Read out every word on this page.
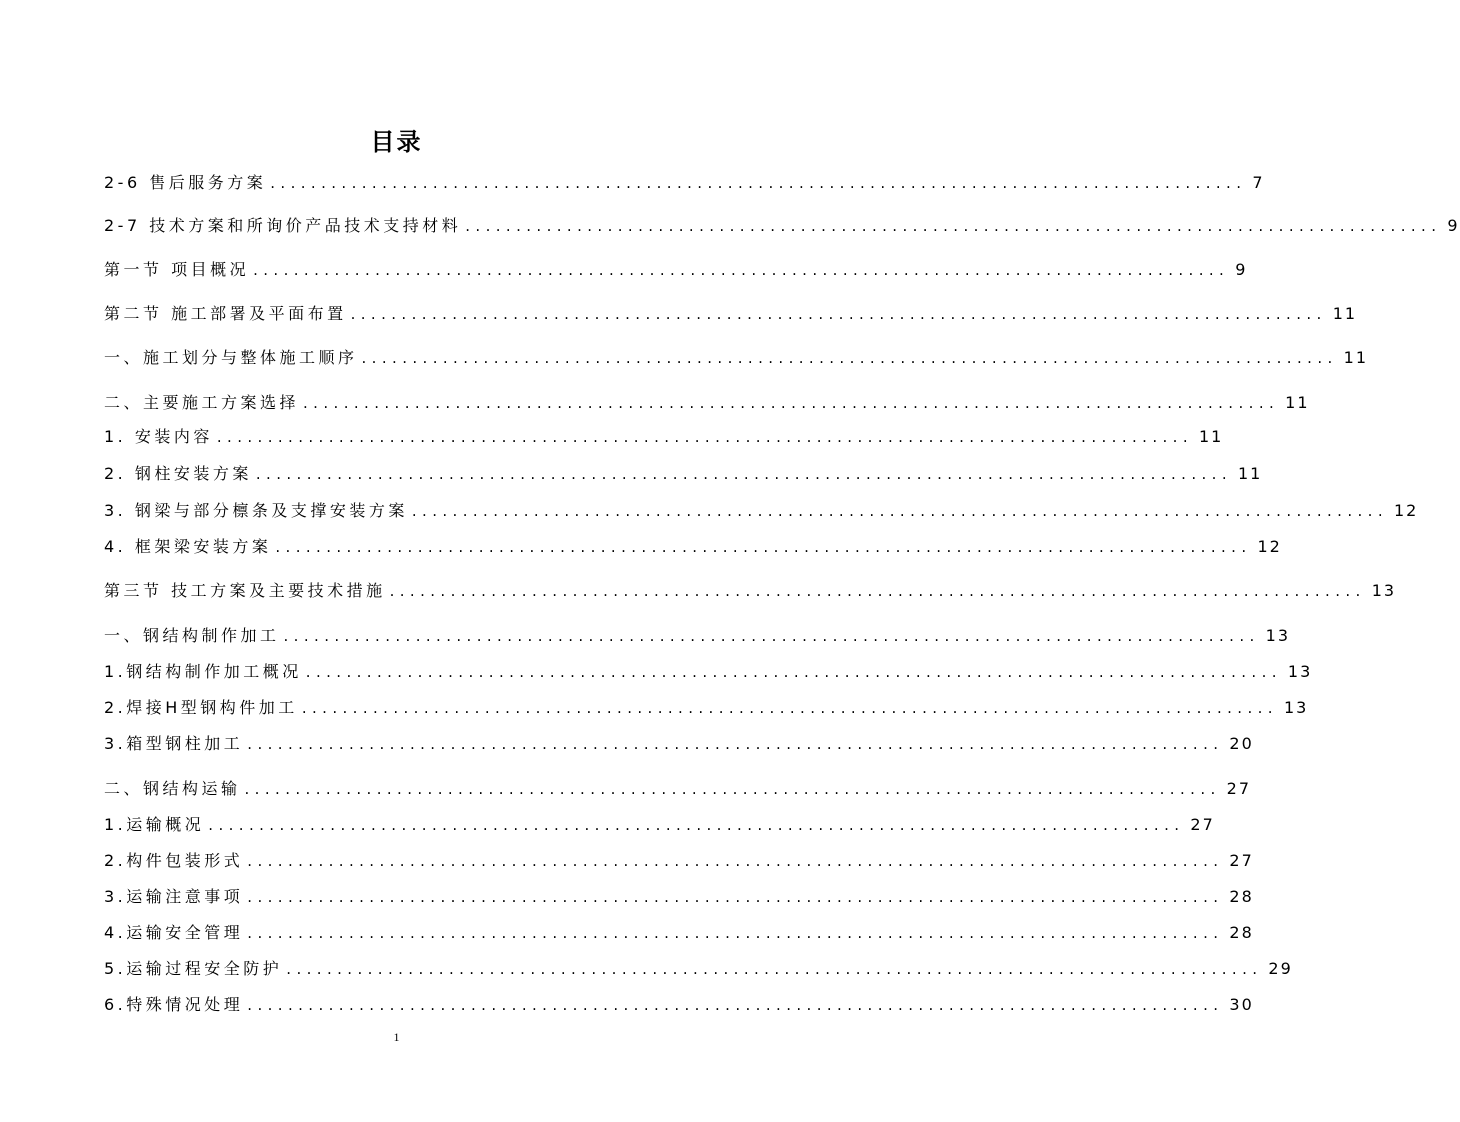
目录
2-6 售后服务方案 ................................................................................................ 7
2-7 技术方案和所询价产品技术支持材料 ................................................................................................ 9
第一节 项目概况 ................................................................................................ 9
第二节 施工部署及平面布置 ................................................................................................ 11
一、施工划分与整体施工顺序 ................................................................................................ 11
二、主要施工方案选择 ................................................................................................ 11
1. 安装内容 ................................................................................................ 11
2. 钢柱安装方案 ................................................................................................ 11
3. 钢梁与部分檩条及支撑安装方案 ................................................................................................ 12
4. 框架梁安装方案 ................................................................................................ 12
第三节 技工方案及主要技术措施 ................................................................................................ 13
一、钢结构制作加工 ................................................................................................ 13
1.钢结构制作加工概况 ................................................................................................ 13
2.焊接H型钢构件加工 ................................................................................................ 13
3.箱型钢柱加工 ................................................................................................ 20
二、钢结构运输 ................................................................................................ 27
1.运输概况 ................................................................................................ 27
2.构件包装形式 ................................................................................................ 27
3.运输注意事项 ................................................................................................ 28
4.运输安全管理 ................................................................................................ 28
5.运输过程安全防护 ................................................................................................ 29
6.特殊情况处理 ................................................................................................ 30
1
